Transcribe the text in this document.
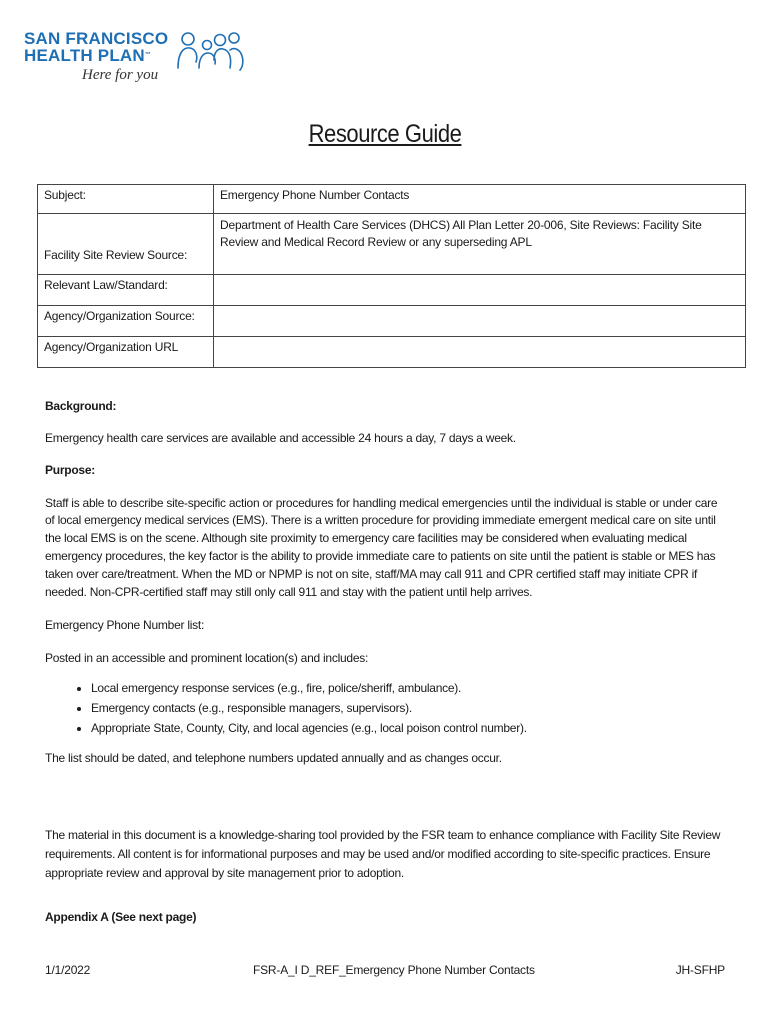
SAN FRANCISCO
HEALTH PLAN™
Here for you
Resource Guide
Subject:	Emergency Phone Number Contacts
Facility Site Review Source:	Department of Health Care Services (DHCS) All Plan Letter 20-006, Site Reviews: Facility Site Review and Medical Record Review or any superseding APL
Relevant Law/Standard:	
Agency/Organization Source:	
Agency/Organization URL	

Background:

Emergency health care services are available and accessible 24 hours a day, 7 days a week.

Purpose:

Staff is able to describe site-specific action or procedures for handling medical emergencies until the individual is stable or under care of local emergency medical services (EMS). There is a written procedure for providing immediate emergent medical care on site until the local EMS is on the scene. Although site proximity to emergency care facilities may be considered when evaluating medical emergency procedures, the key factor is the ability to provide immediate care to patients on site until the patient is stable or MES has taken over care/treatment. When the MD or NPMP is not on site, staff/MA may call 911 and CPR certified staff may initiate CPR if needed. Non-CPR-certified staff may still only call 911 and stay with the patient until help arrives.

Emergency Phone Number list:

Posted in an accessible and prominent location(s) and includes:

• Local emergency response services (e.g., fire, police/sheriff, ambulance).
• Emergency contacts (e.g., responsible managers, supervisors).
• Appropriate State, County, City, and local agencies (e.g., local poison control number).

The list should be dated, and telephone numbers updated annually and as changes occur.

The material in this document is a knowledge-sharing tool provided by the FSR team to enhance compliance with Facility Site Review requirements. All content is for informational purposes and may be used and/or modified according to site-specific practices. Ensure appropriate review and approval by site management prior to adoption.

Appendix A (See next page)

1/1/2022	FSR-A_I D_REF_Emergency Phone Number Contacts	JH-SFHP
